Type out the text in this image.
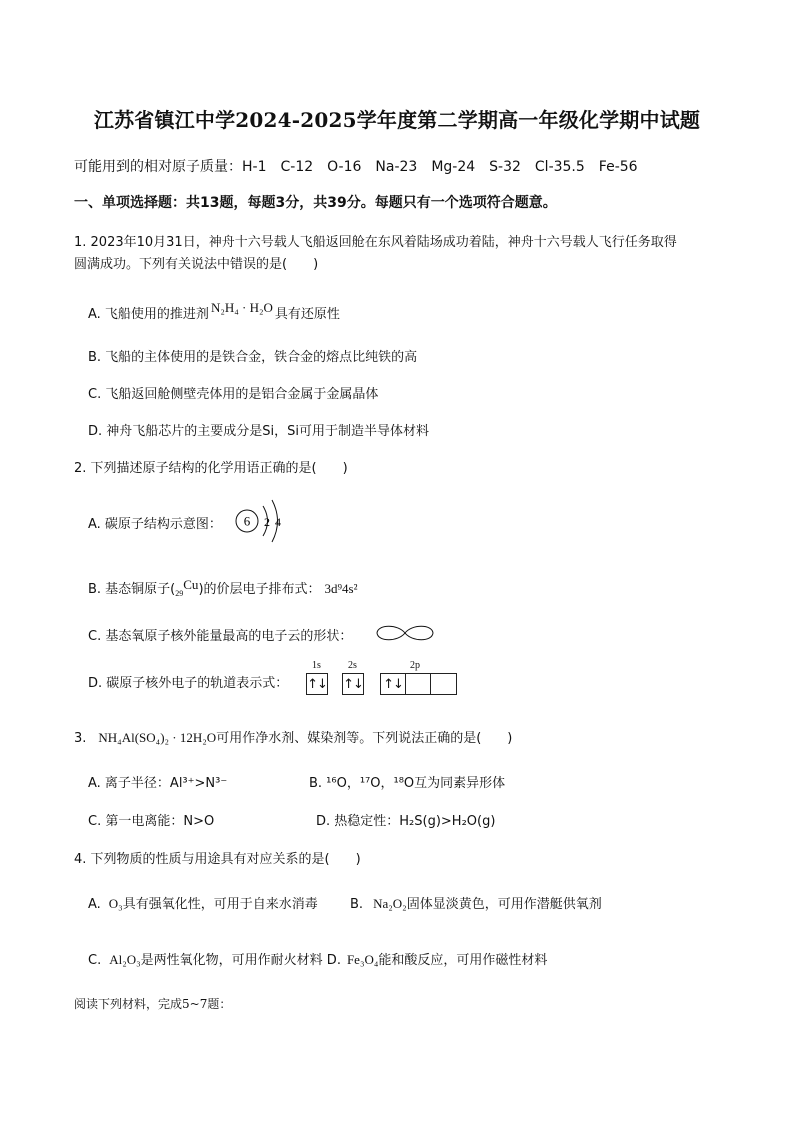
江苏省镇江中学2024-2025学年度第二学期高一年级化学期中试题
可能用到的相对原子质量：H-1　C-12　O-16　Na-23　Mg-24　S-32　Cl-35.5　Fe-56
一、单项选择题：共13题，每题3分，共39分。每题只有一个选项符合题意。
1. 2023年10月31日，神舟十六号载人飞船返回舱在东风着陆场成功着陆，神舟十六号载人飞行任务取得
圆满成功。下列有关说法中错误的是(　　)
A. 飞船使用的推进剂 N₂H₄ · H₂O 具有还原性
B. 飞船的主体使用的是铁合金，铁合金的熔点比纯铁的高
C. 飞船返回舱侧壁壳体用的是铝合金属于金属晶体
D. 神舟飞船芯片的主要成分是Si，Si可用于制造半导体材料
2. 下列描述原子结构的化学用语正确的是(　　)
A. 碳原子结构示意图： 6 2 4
B. 基态铜原子$(_{29}Cu)$的价层电子排布式： 3d⁹4s²
C. 基态氧原子核外能量最高的电子云的形状：
D. 碳原子核外电子的轨道表示式：
1s	2s	2p
↑↓ ↑↓ ↑↓
3. NH₄Al(SO₄)₂ · 12H₂O可用作净水剂、媒染剂等。下列说法正确的是(　　)
A. 离子半径：Al³⁺>N³⁻	B. ¹⁶O，¹⁷O，¹⁸O互为同素异形体
C. 第一电离能：N>O	D. 热稳定性：H₂S(g)>H₂O(g)
4. 下列物质的性质与用途具有对应关系的是(　　)
A. O₃具有强氧化性，可用于自来水消毒 B. Na₂O₂固体显淡黄色，可用作潜艇供氧剂
C. Al₂O₃是两性氧化物，可用作耐火材料 D. Fe₃O₄能和酸反应，可用作磁性材料
阅读下列材料，完成5~7题：
